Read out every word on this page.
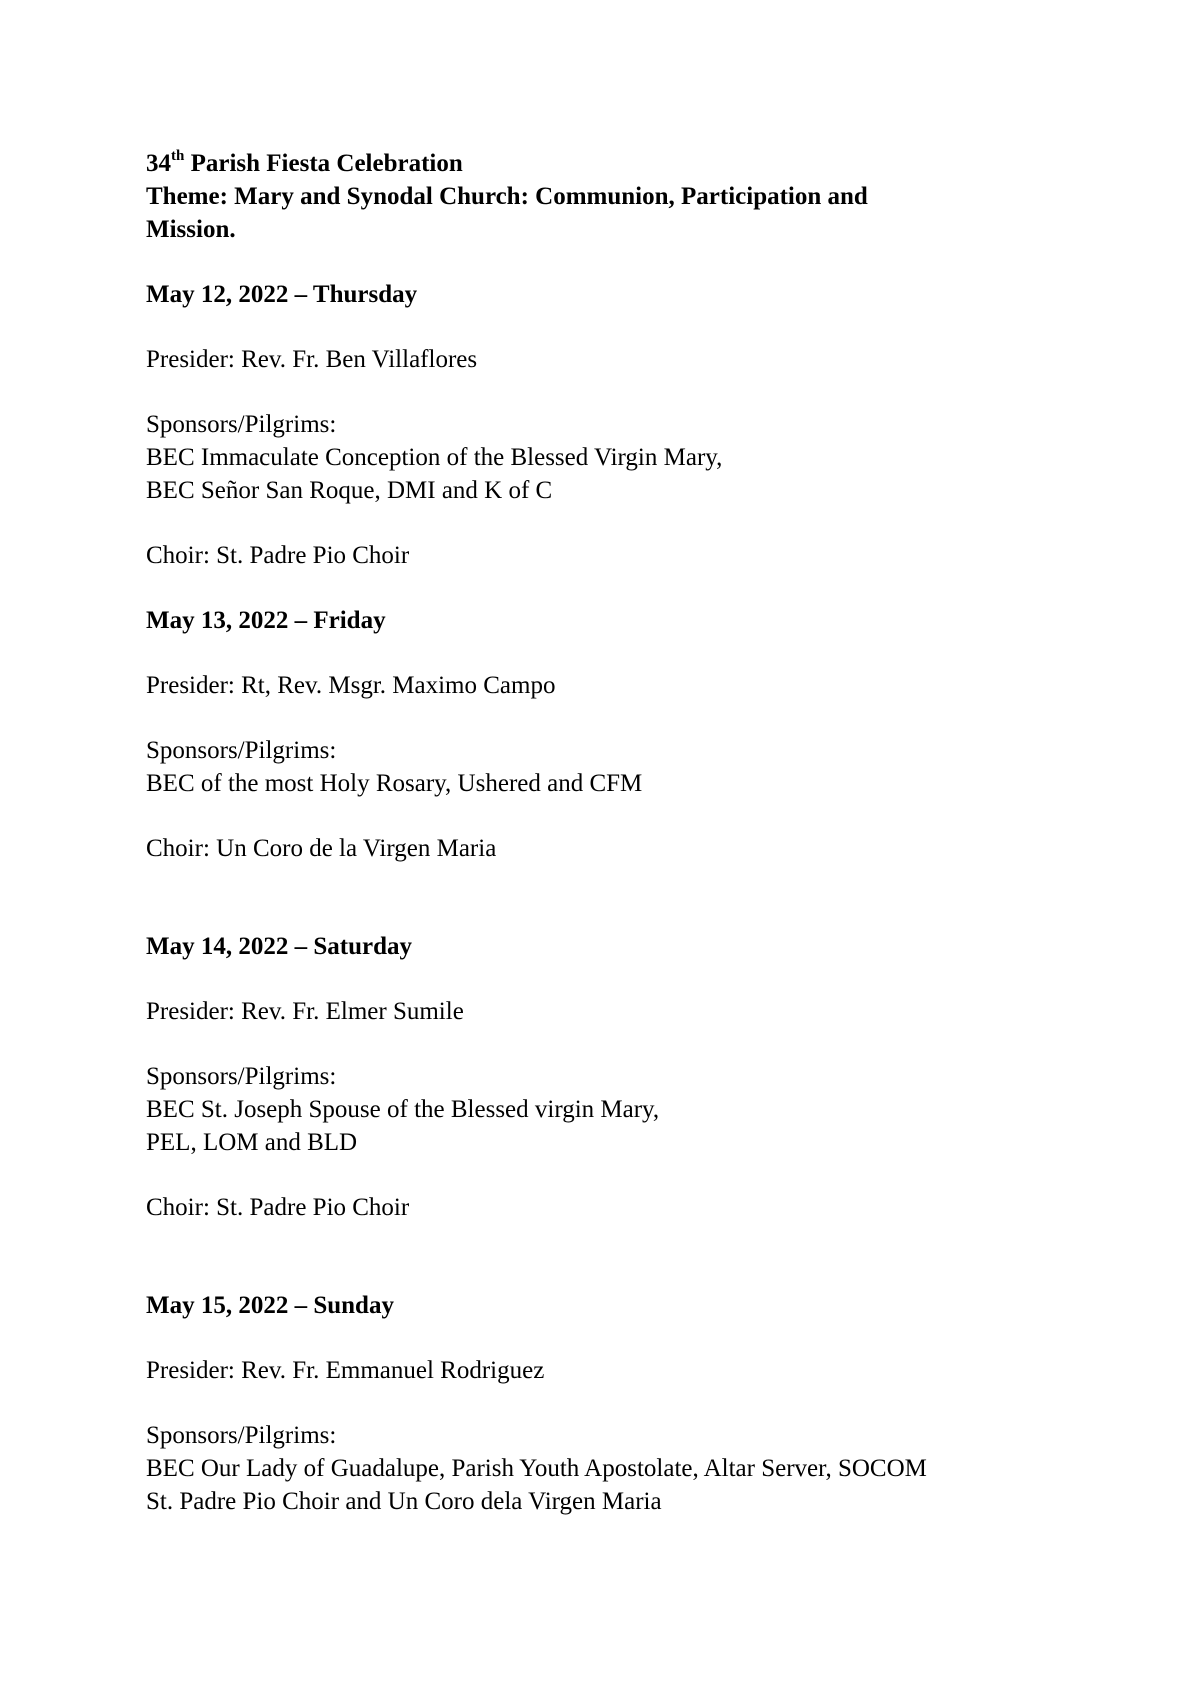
34th Parish Fiesta Celebration
Theme: Mary and Synodal Church: Communion, Participation and
Mission.
May 12, 2022 – Thursday
Presider: Rev. Fr. Ben Villaflores
Sponsors/Pilgrims:
BEC Immaculate Conception of the Blessed Virgin Mary,
BEC Señor San Roque, DMI and K of C
Choir: St. Padre Pio Choir
May 13, 2022 – Friday
Presider: Rt, Rev. Msgr. Maximo Campo
Sponsors/Pilgrims:
BEC of the most Holy Rosary, Ushered and CFM
Choir: Un Coro de la Virgen Maria
May 14, 2022 – Saturday
Presider: Rev. Fr. Elmer Sumile
Sponsors/Pilgrims:
BEC St. Joseph Spouse of the Blessed virgin Mary,
PEL, LOM and BLD
Choir: St. Padre Pio Choir
May 15, 2022 – Sunday
Presider: Rev. Fr. Emmanuel Rodriguez
Sponsors/Pilgrims:
BEC Our Lady of Guadalupe, Parish Youth Apostolate, Altar Server, SOCOM
St. Padre Pio Choir and Un Coro dela Virgen Maria
